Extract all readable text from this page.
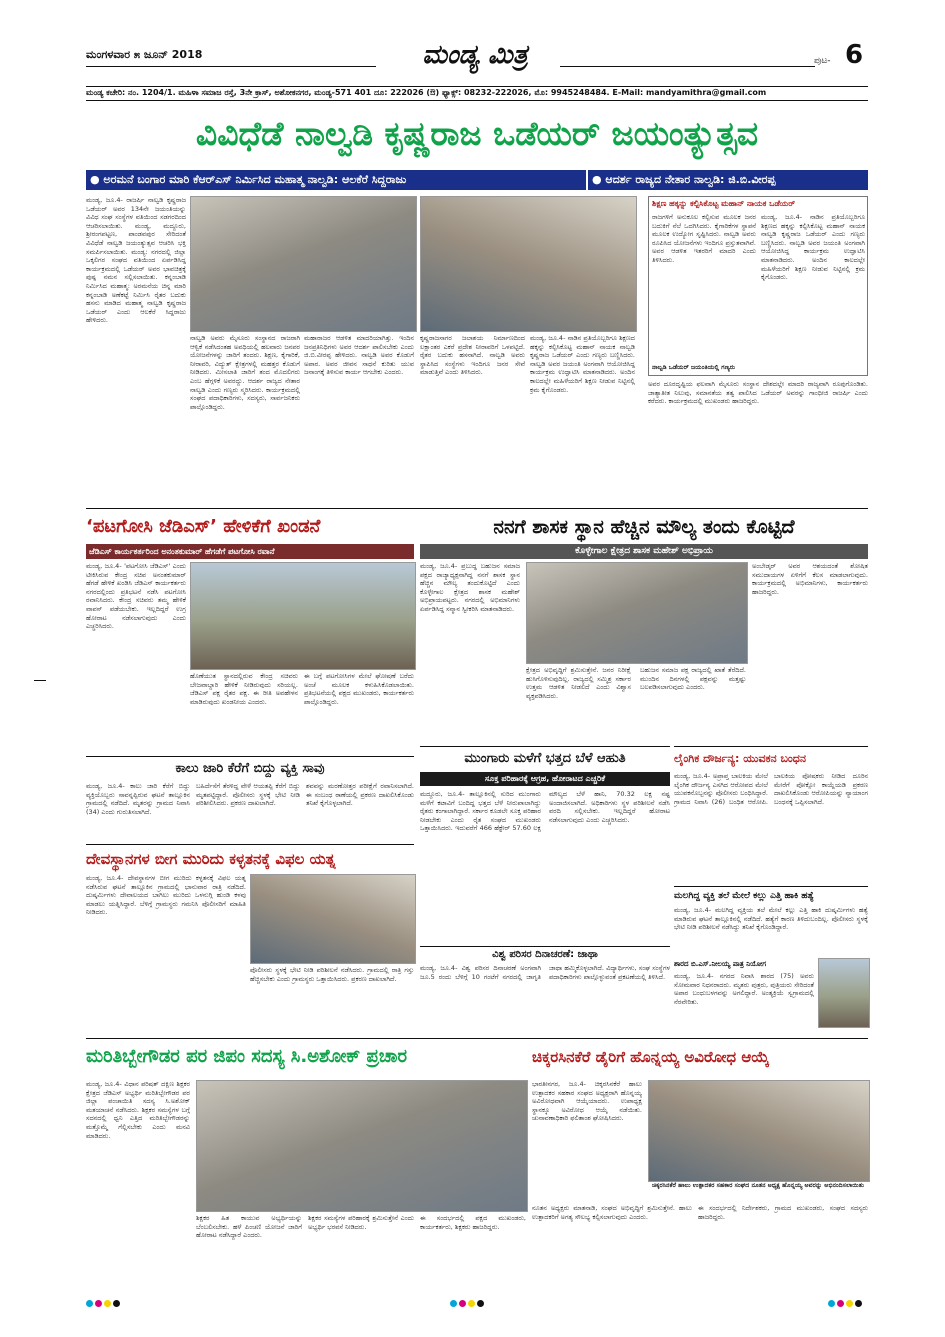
ಮಂಗಳವಾರ ೫ ಜೂನ್ 2018	ಮಂಡ್ಯ ಮಿತ್ರ	ಪುಟ- 6
ಮಂಡ್ಯ ಕಚೇರಿ: ನಂ. 1204/1. ಮಹಿಳಾ ಸಮಾಜ ರಸ್ತೆ, 3ನೇ ಕ್ರಾಸ್, ಅಶೋಕನಗರ, ಮಂಡ್ಯ-571 401 ದೂ: 222026 (ಔ) ಫ್ಯಾಕ್ಸ್: 08232-222026, ಮೊ: 9945248484. E-Mail: mandyamithra@gmail.com
ವಿವಿಧೆಡೆ ನಾಲ್ವಡಿ ಕೃಷ್ಣರಾಜ ಒಡೆಯರ್ ಜಯಂತ್ಯುತ್ಸವ
● ಅರಮನೆ ಬಂಗಾರ ಮಾರಿ ಕೆಆರ್‌ಎಸ್ ನಿರ್ಮಿಸಿದ ಮಹಾತ್ಮ ನಾಲ್ವಡಿ: ಆಲಕೆರೆ ಸಿದ್ದರಾಜು	● ಆದರ್ಶ ರಾಜ್ಯದ ನೇತಾರ ನಾಲ್ವಡಿ: ಜಿ.ಬಿ.ವೀರಪ್ಪ
ಮಂಡ್ಯ, ಜೂ.4- ರಾಜರ್ಷಿ ನಾಲ್ವಡಿ ಕೃಷ್ಣರಾಜ ಒಡೆಯರ್ ಅವರ 134ನೇ ಜಯಂತಿಯನ್ನು ವಿವಿಧ ಸಂಘ ಸಂಸ್ಥೆಗಳ ವತಿಯಿಂದ ಸಡಗರದಿಂದ ಆಚರಿಸಲಾಯಿತು. ಮಂಡ್ಯ, ಮದ್ದೂರು, ಶ್ರೀರಂಗಪಟ್ಟಣ, ಪಾಂಡವಪುರ ಸೇರಿದಂತೆ ವಿವಿಧೆಡೆ ನಾಲ್ವಡಿ ಜಯಂತ್ಯುತ್ಸವ ಆಚರಿಸಿ ಭಕ್ತಿ ಸಮರ್ಪಿಸಲಾಯಿತು. ಮಂಡ್ಯ: ನಗರದಲ್ಲಿ ಜಿಲ್ಲಾ ಒಕ್ಕಲಿಗರ ಸಂಘದ ವತಿಯಿಂದ ಏರ್ಪಡಿಸಿದ್ದ ಕಾರ್ಯಕ್ರಮದಲ್ಲಿ ಒಡೆಯರ್ ಅವರ ಭಾವಚಿತ್ರಕ್ಕೆ ಪುಷ್ಪ ನಮನ ಸಲ್ಲಿಸಲಾಯಿತು. ಕನ್ನಂಬಾಡಿ ನಿರ್ಮಿಸಿದ ಮಹಾತ್ಮ: ಅರಮನೆಯ ಚಿನ್ನ ಮಾರಿ ಕನ್ನಂಬಾಡಿ ಅಣೆಕಟ್ಟೆ ನಿರ್ಮಿಸಿ ರೈತರ ಬದುಕು ಹಸನು ಮಾಡಿದ ಮಹಾತ್ಮ ನಾಲ್ವಡಿ ಕೃಷ್ಣರಾಜ ಒಡೆಯರ್ ಎಂದು ಆಲಕೆರೆ ಸಿದ್ದರಾಜು ಹೇಳಿದರು.
ನಾಲ್ವಡಿ ಅವರು ಮೈಸೂರು ಸಂಸ್ಥಾನದ ರಾಜರಾಗಿ ಆಳ್ವಿಕೆ ನಡೆಸಿದಂತಹ ಅವಧಿಯಲ್ಲಿ ಹಲವಾರು ಜನಪರ ಯೋಜನೆಗಳನ್ನು ಜಾರಿಗೆ ತಂದರು. ಶಿಕ್ಷಣ, ಕೈಗಾರಿಕೆ, ನೀರಾವರಿ, ವಿದ್ಯುತ್ ಕ್ಷೇತ್ರಗಳಲ್ಲಿ ಮಹತ್ತರ ಕೊಡುಗೆ ನೀಡಿದರು. ಮೀಸಲಾತಿ ಜಾರಿಗೆ ತಂದ ಮೊದಲಿಗರು ಎಂಬ ಹೆಗ್ಗಳಿಕೆ ಅವರದ್ದು. ಆದರ್ಶ ರಾಜ್ಯದ ನೇತಾರ ನಾಲ್ವಡಿ ಎಂದು ಗಣ್ಯರು ಸ್ಮರಿಸಿದರು. ಕಾರ್ಯಕ್ರಮದಲ್ಲಿ ಸಂಘದ ಪದಾಧಿಕಾರಿಗಳು, ಸದಸ್ಯರು, ಸಾರ್ವಜನಿಕರು ಪಾಲ್ಗೊಂಡಿದ್ದರು.
ಮಹಾರಾಜರ ಆಡಳಿತ ಮಾದರಿಯಾಗಿತ್ತು. ಇಂದಿನ ಜನಪ್ರತಿನಿಧಿಗಳು ಅವರ ಆದರ್ಶ ಪಾಲಿಸಬೇಕು ಎಂದು ಜಿ.ಬಿ.ವೀರಪ್ಪ ಹೇಳಿದರು. ನಾಲ್ವಡಿ ಅವರ ಕೊಡುಗೆ ಅಪಾರ. ಅವರ ಜೀವನ ಸಾಧನೆ ಕುರಿತು ಯುವ ಜನಾಂಗಕ್ಕೆ ತಿಳಿಸುವ ಕಾರ್ಯ ಆಗಬೇಕು ಎಂದರು.
ಕೃಷ್ಣರಾಜಸಾಗರ ಜಲಾಶಯ ನಿರ್ಮಾಣದಿಂದ ಲಕ್ಷಾಂತರ ಎಕರೆ ಪ್ರದೇಶ ನೀರಾವರಿಗೆ ಒಳಪಟ್ಟಿದೆ. ರೈತರ ಬದುಕು ಹಸನಾಗಿದೆ. ನಾಲ್ವಡಿ ಅವರು ಸ್ಥಾಪಿಸಿದ ಸಂಸ್ಥೆಗಳು ಇಂದಿಗೂ ಜನರ ಸೇವೆ ಮಾಡುತ್ತಿವೆ ಎಂದು ತಿಳಿಸಿದರು.
ಮಂಡ್ಯ, ಜೂ.4- ನಾಡಿನ ಪ್ರತಿಯೊಬ್ಬರಿಗೂ ಶಿಕ್ಷಣದ ಹಕ್ಕನ್ನು ಕಲ್ಪಿಸಿಕೊಟ್ಟ ಮಹಾನ್ ನಾಯಕ ನಾಲ್ವಡಿ ಕೃಷ್ಣರಾಜ ಒಡೆಯರ್ ಎಂದು ಗಣ್ಯರು ಬಣ್ಣಿಸಿದರು. ನಾಲ್ವಡಿ ಅವರ ಜಯಂತಿ ಅಂಗವಾಗಿ ಆಯೋಜಿಸಿದ್ದ ಕಾರ್ಯಕ್ರಮ ಉದ್ಘಾಟಿಸಿ ಮಾತನಾಡಿದರು. ಅಂದಿನ ಕಾಲದಲ್ಲೇ ಮಹಿಳೆಯರಿಗೆ ಶಿಕ್ಷಣ ನೀಡುವ ನಿಟ್ಟಿನಲ್ಲಿ ಕ್ರಮ ಕೈಗೊಂಡರು.
ಶಿಕ್ಷಣ ಹಕ್ಕನ್ನು ಕಲ್ಪಿಸಿಕೊಟ್ಟ ಮಹಾನ್ ನಾಯಕ ಒಡೆಯರ್
ರಾಜಗಳಿಗೆ ಅನುಕೂಲ ಕಲ್ಪಿಸುವ ಮೂಲಕ ಜನರ ಬದುಕಿಗೆ ನೆಲೆ ಒದಗಿಸಿದರು. ಕೈಗಾರಿಕೆಗಳ ಸ್ಥಾಪನೆ ಮೂಲಕ ಉದ್ಯೋಗ ಸೃಷ್ಟಿಸಿದರು. ನಾಲ್ವಡಿ ಅವರು ರೂಪಿಸಿದ ಯೋಜನೆಗಳು ಇಂದಿಗೂ ಪ್ರಸ್ತುತವಾಗಿವೆ. ಅವರ ಆಡಳಿತ ಇತರರಿಗೆ ಮಾದರಿ ಎಂದು ತಿಳಿಸಿದರು.
ಮಂಡ್ಯ, ಜೂ.4- ನಾಡಿನ ಪ್ರತಿಯೊಬ್ಬರಿಗೂ ಶಿಕ್ಷಣದ ಹಕ್ಕನ್ನು ಕಲ್ಪಿಸಿಕೊಟ್ಟ ಮಹಾನ್ ನಾಯಕ ನಾಲ್ವಡಿ ಕೃಷ್ಣರಾಜ ಒಡೆಯರ್ ಎಂದು ಗಣ್ಯರು ಬಣ್ಣಿಸಿದರು. ನಾಲ್ವಡಿ ಅವರ ಜಯಂತಿ ಅಂಗವಾಗಿ ಆಯೋಜಿಸಿದ್ದ ಕಾರ್ಯಕ್ರಮ ಉದ್ಘಾಟಿಸಿ ಮಾತನಾಡಿದರು. ಅಂದಿನ ಕಾಲದಲ್ಲೇ ಮಹಿಳೆಯರಿಗೆ ಶಿಕ್ಷಣ ನೀಡುವ ನಿಟ್ಟಿನಲ್ಲಿ ಕ್ರಮ ಕೈಗೊಂಡರು.
ನಾಲ್ವಡಿ ಒಡೆಯರ್ ಜಯಂತಿಯಲ್ಲಿ ಗಣ್ಯರು
ಅವರ ದೂರದೃಷ್ಟಿಯ ಫಲವಾಗಿ ಮೈಸೂರು ಸಂಸ್ಥಾನ ದೇಶದಲ್ಲೇ ಮಾದರಿ ರಾಜ್ಯವಾಗಿ ರೂಪುಗೊಂಡಿತು. ಜಾತ್ಯಾತೀತ ನಿಲುವು, ಸಮಾನತೆಯ ತತ್ವ ಪಾಲಿಸಿದ ಒಡೆಯರ್ ಅವರನ್ನು ಗಾಂಧೀಜಿ ರಾಜರ್ಷಿ ಎಂದು ಕರೆದರು. ಕಾರ್ಯಕ್ರಮದಲ್ಲಿ ಮುಖಂಡರು ಹಾಜರಿದ್ದರು.
‘ಪಟಗೋಸಿ ಜೆಡಿಎಸ್’ ಹೇಳಿಕೆಗೆ ಖಂಡನೆ
ಜೆಡಿಎಸ್ ಕಾರ್ಯಕರ್ತರಿಂದ ಅನಂತಕುಮಾರ್ ಹೆಗಡೆಗೆ ಪಟಗೋಸಿ ರವಾನೆ
ಮಂಡ್ಯ, ಜೂ.4- 'ಪಟಗೋಸಿ ಜೆಡಿಎಸ್' ಎಂದು ಟೀಕಿಸಿರುವ ಕೇಂದ್ರ ಸಚಿವ ಅನಂತಕುಮಾರ್ ಹೆಗಡೆ ಹೇಳಿಕೆ ಖಂಡಿಸಿ ಜೆಡಿಎಸ್ ಕಾರ್ಯಕರ್ತರು ನಗರದಲ್ಲಿಂದು ಪ್ರತಿಭಟನೆ ನಡೆಸಿ ಪಟಗೋಸಿ ರವಾನಿಸಿದರು. ಕೇಂದ್ರ ಸಚಿವರು ತಮ್ಮ ಹೇಳಿಕೆ ವಾಪಸ್ ಪಡೆಯಬೇಕು. ಇಲ್ಲದಿದ್ದರೆ ಉಗ್ರ ಹೋರಾಟ ನಡೆಸಲಾಗುವುದು ಎಂದು ಎಚ್ಚರಿಸಿದರು.
ಹೊಣೆಯುತ ಸ್ಥಾನದಲ್ಲಿರುವ ಕೇಂದ್ರ ಸಚಿವರು ಬೇಜವಾಬ್ದಾರಿ ಹೇಳಿಕೆ ನೀಡಿರುವುದು ಸರಿಯಲ್ಲ. ಜೆಡಿಎಸ್ ಪಕ್ಷ ರೈತರ ಪಕ್ಷ. ಈ ರೀತಿ ಅವಹೇಳನ ಮಾಡಿರುವುದು ಖಂಡನೀಯ ಎಂದರು.
ಈ ಬಗ್ಗೆ ಪಟಗೋಸಿಗಳ ಮೇಲೆ ಘೋಷಣೆ ಬರೆದು ಅಂಚೆ ಮೂಲಕ ಕಳುಹಿಸಿಕೊಡಲಾಯಿತು. ಪ್ರತಿಭಟನೆಯಲ್ಲಿ ಪಕ್ಷದ ಮುಖಂಡರು, ಕಾರ್ಯಕರ್ತರು ಪಾಲ್ಗೊಂಡಿದ್ದರು.
ನನಗೆ ಶಾಸಕ ಸ್ಥಾನ ಹೆಚ್ಚಿನ ಮೌಲ್ಯ ತಂದು ಕೊಟ್ಟಿದೆ
ಕೊಳ್ಳೇಗಾಲ ಕ್ಷೇತ್ರದ ಶಾಸಕ ಮಹೇಶ್ ಅಭಿಪ್ರಾಯ
ಮಂಡ್ಯ, ಜೂ.4- ಪ್ರಬುದ್ಧ ಬಹುಜನ ಸಮಾಜ ಪಕ್ಷದ ರಾಜ್ಯಾಧ್ಯಕ್ಷನಾಗಿದ್ದ ನನಗೆ ಶಾಸಕ ಸ್ಥಾನ ಹೆಚ್ಚಿನ ಮೌಲ್ಯ ತಂದುಕೊಟ್ಟಿದೆ ಎಂದು ಕೊಳ್ಳೇಗಾಲ ಕ್ಷೇತ್ರದ ಶಾಸಕ ಮಹೇಶ್ ಅಭಿಪ್ರಾಯಪಟ್ಟರು. ನಗರದಲ್ಲಿ ಅಭಿಮಾನಿಗಳು ಏರ್ಪಡಿಸಿದ್ದ ಸನ್ಮಾನ ಸ್ವೀಕರಿಸಿ ಮಾತನಾಡಿದರು.
ಕ್ಷೇತ್ರದ ಅಭಿವೃದ್ಧಿಗೆ ಶ್ರಮಿಸುತ್ತೇನೆ. ಜನರ ನಿರೀಕ್ಷೆ ಹುಸಿಗೊಳಿಸುವುದಿಲ್ಲ. ರಾಜ್ಯದಲ್ಲಿ ಸಮ್ಮಿಶ್ರ ಸರ್ಕಾರ ಉತ್ತಮ ಆಡಳಿತ ನೀಡಲಿದೆ ಎಂದು ವಿಶ್ವಾಸ ವ್ಯಕ್ತಪಡಿಸಿದರು.
ಬಹುಜನ ಸಮಾಜ ಪಕ್ಷ ರಾಜ್ಯದಲ್ಲಿ ಖಾತೆ ತೆರೆದಿದೆ. ಮುಂದಿನ ದಿನಗಳಲ್ಲಿ ಪಕ್ಷವನ್ನು ಮತ್ತಷ್ಟು ಬಲಪಡಿಸಲಾಗುವುದು ಎಂದರು.
ಅಂಬೇಡ್ಕರ್ ಅವರ ಆಶಯದಂತೆ ಶೋಷಿತ ಸಮುದಾಯಗಳ ಏಳಿಗೆಗೆ ಕೆಲಸ ಮಾಡಲಾಗುವುದು. ಕಾರ್ಯಕ್ರಮದಲ್ಲಿ ಅಭಿಮಾನಿಗಳು, ಕಾರ್ಯಕರ್ತರು ಹಾಜರಿದ್ದರು.
ಕಾಲು ಜಾರಿ ಕೆರೆಗೆ ಬಿದ್ದು ವ್ಯಕ್ತಿ ಸಾವು
ಮಂಡ್ಯ, ಜೂ.4- ಕಾಲು ಜಾರಿ ಕೆರೆಗೆ ಬಿದ್ದು ವ್ಯಕ್ತಿಯೊಬ್ಬರು ಸಾವನ್ನಪ್ಪಿರುವ ಘಟನೆ ತಾಲ್ಲೂಕಿನ ಗ್ರಾಮದಲ್ಲಿ ನಡೆದಿದೆ. ಮೃತರನ್ನು ಗ್ರಾಮದ ನಿವಾಸಿ (34) ಎಂದು ಗುರುತಿಸಲಾಗಿದೆ.
ಬಹಿರ್ದೆಸೆಗೆ ತೆರಳಿದ್ದ ವೇಳೆ ಆಯತಪ್ಪಿ ಕೆರೆಗೆ ಬಿದ್ದು ಮೃತಪಟ್ಟಿದ್ದಾರೆ. ಪೊಲೀಸರು ಸ್ಥಳಕ್ಕೆ ಭೇಟಿ ನೀಡಿ ಪರಿಶೀಲಿಸಿದರು. ಪ್ರಕರಣ ದಾಖಲಾಗಿದೆ.
ಶವವನ್ನು ಮರಣೋತ್ತರ ಪರೀಕ್ಷೆಗೆ ರವಾನಿಸಲಾಗಿದೆ. ಈ ಸಂಬಂಧ ಠಾಣೆಯಲ್ಲಿ ಪ್ರಕರಣ ದಾಖಲಿಸಿಕೊಂಡು ತನಿಖೆ ಕೈಗೊಳ್ಳಲಾಗಿದೆ.
ದೇವಸ್ಥಾನಗಳ ಬೀಗ ಮುರಿದು ಕಳ್ಳತನಕ್ಕೆ ವಿಫಲ ಯತ್ನ
ಮಂಡ್ಯ, ಜೂ.4- ದೇವಸ್ಥಾನಗಳ ಬೀಗ ಮುರಿದು ಕಳ್ಳತನಕ್ಕೆ ವಿಫಲ ಯತ್ನ ನಡೆಸಿರುವ ಘಟನೆ ತಾಲ್ಲೂಕಿನ ಗ್ರಾಮದಲ್ಲಿ ಭಾನುವಾರ ರಾತ್ರಿ ನಡೆದಿದೆ. ದುಷ್ಕರ್ಮಿಗಳು ದೇವಾಲಯದ ಬಾಗಿಲು ಮುರಿದು ಒಳನುಗ್ಗಿ ಹುಂಡಿ ಕಳವು ಮಾಡಲು ಯತ್ನಿಸಿದ್ದಾರೆ. ಬೆಳಿಗ್ಗೆ ಗ್ರಾಮಸ್ಥರು ಗಮನಿಸಿ ಪೊಲೀಸರಿಗೆ ಮಾಹಿತಿ ನೀಡಿದರು.
ಪೊಲೀಸರು ಸ್ಥಳಕ್ಕೆ ಭೇಟಿ ನೀಡಿ ಪರಿಶೀಲನೆ ನಡೆಸಿದರು. ಗ್ರಾಮದಲ್ಲಿ ರಾತ್ರಿ ಗಸ್ತು ಹೆಚ್ಚಿಸಬೇಕು ಎಂದು ಗ್ರಾಮಸ್ಥರು ಒತ್ತಾಯಿಸಿದರು. ಪ್ರಕರಣ ದಾಖಲಾಗಿದೆ.
ಮುಂಗಾರು ಮಳೆಗೆ ಭತ್ತದ ಬೆಳೆ ಆಹುತಿ
ಸೂಕ್ತ ಪರಿಹಾರಕ್ಕೆ ಆಗ್ರಹ, ಹೋರಾಟದ ಎಚ್ಚರಿಕೆ
ಮದ್ದೂರು, ಜೂ.4- ತಾಲ್ಲೂಕಿನಲ್ಲಿ ಸುರಿದ ಮುಂಗಾರು ಮಳೆಗೆ ಕಟಾವಿಗೆ ಬಂದಿದ್ದ ಭತ್ತದ ಬೆಳೆ ನೀರುಪಾಲಾಗಿದ್ದು ರೈತರು ಕಂಗಾಲಾಗಿದ್ದಾರೆ. ಸರ್ಕಾರ ಕೂಡಲೇ ಸೂಕ್ತ ಪರಿಹಾರ ನೀಡಬೇಕು ಎಂದು ರೈತ ಸಂಘದ ಮುಖಂಡರು ಒತ್ತಾಯಿಸಿದರು. ಇದುವರೆಗೆ 466 ಹೆಕ್ಟೇರ್ 57.60 ಲಕ್ಷ ಮೌಲ್ಯದ ಬೆಳೆ ಹಾನಿ, 70.32 ಲಕ್ಷ ನಷ್ಟ ಅಂದಾಜಿಸಲಾಗಿದೆ. ಅಧಿಕಾರಿಗಳು ಸ್ಥಳ ಪರಿಶೀಲನೆ ನಡೆಸಿ ವರದಿ ಸಲ್ಲಿಸಬೇಕು. ಇಲ್ಲದಿದ್ದರೆ ಹೋರಾಟ ನಡೆಸಲಾಗುವುದು ಎಂದು ಎಚ್ಚರಿಸಿದರು.
ವಿಶ್ವ ಪರಿಸರ ದಿನಾಚರಣೆ: ಜಾಥಾ
ಮಂಡ್ಯ, ಜೂ.4- ವಿಶ್ವ ಪರಿಸರ ದಿನಾಚರಣೆ ಅಂಗವಾಗಿ ಜೂ.5 ರಂದು ಬೆಳಿಗ್ಗೆ 10 ಗಂಟೆಗೆ ನಗರದಲ್ಲಿ ಜಾಗೃತಿ ಜಾಥಾ ಹಮ್ಮಿಕೊಳ್ಳಲಾಗಿದೆ. ವಿದ್ಯಾರ್ಥಿಗಳು, ಸಂಘ ಸಂಸ್ಥೆಗಳ ಪದಾಧಿಕಾರಿಗಳು ಪಾಲ್ಗೊಳ್ಳುವಂತೆ ಪ್ರಕಟಣೆಯಲ್ಲಿ ತಿಳಿಸಿದೆ.
ಲೈಂಗಿಕ ದೌರ್ಜನ್ಯ: ಯುವಕನ ಬಂಧನ
ಮಂಡ್ಯ, ಜೂ.4- ಅಪ್ರಾಪ್ತ ಬಾಲಕಿಯ ಮೇಲೆ ಲೈಂಗಿಕ ದೌರ್ಜನ್ಯ ಎಸಗಿದ ಆರೋಪದ ಮೇಲೆ ಯುವಕನೊಬ್ಬನನ್ನು ಪೊಲೀಸರು ಬಂಧಿಸಿದ್ದಾರೆ. ಗ್ರಾಮದ ನಿವಾಸಿ (26) ಬಂಧಿತ ಆರೋಪಿ. ಬಾಲಕಿಯ ಪೋಷಕರು ನೀಡಿದ ದೂರಿನ ಮೇರೆಗೆ ಪೋಕ್ಸೋ ಕಾಯ್ದೆಯಡಿ ಪ್ರಕರಣ ದಾಖಲಿಸಿಕೊಂಡು ಆರೋಪಿಯನ್ನು ನ್ಯಾಯಾಂಗ ಬಂಧನಕ್ಕೆ ಒಪ್ಪಿಸಲಾಗಿದೆ.
ಮಲಗಿದ್ದ ವ್ಯಕ್ತಿ ತಲೆ ಮೇಲೆ ಕಲ್ಲು ಎತ್ತಿ ಹಾಕಿ ಹತ್ಯೆ
ಮಂಡ್ಯ, ಜೂ.4- ಮಲಗಿದ್ದ ವ್ಯಕ್ತಿಯ ತಲೆ ಮೇಲೆ ಕಲ್ಲು ಎತ್ತಿ ಹಾಕಿ ದುಷ್ಕರ್ಮಿಗಳು ಹತ್ಯೆ ಮಾಡಿರುವ ಘಟನೆ ತಾಲ್ಲೂಕಿನಲ್ಲಿ ನಡೆದಿದೆ. ಹತ್ಯೆಗೆ ಕಾರಣ ತಿಳಿದುಬಂದಿಲ್ಲ. ಪೊಲೀಸರು ಸ್ಥಳಕ್ಕೆ ಭೇಟಿ ನೀಡಿ ಪರಿಶೀಲನೆ ನಡೆಸಿದ್ದು ತನಿಖೆ ಕೈಗೊಂಡಿದ್ದಾರೆ.
ಶಾರದ ಬಿ.ಎಸ್.ನೀಲಯ್ಯ ಪಾತ್ರ ನಿಯೋಗ
ಮಂಡ್ಯ, ಜೂ.4- ನಗರದ ನಿವಾಸಿ ಶಾರದ (75) ಅವರು ಸೋಮವಾರ ನಿಧನರಾದರು. ಮೃತರು ಪುತ್ರರು, ಪುತ್ರಿಯರು ಸೇರಿದಂತೆ ಅಪಾರ ಬಂಧುಬಳಗವನ್ನು ಅಗಲಿದ್ದಾರೆ. ಅಂತ್ಯಕ್ರಿಯೆ ಸ್ವಗ್ರಾಮದಲ್ಲಿ ನೆರವೇರಿತು.
ಮರಿತಿಬ್ಬೇಗೌಡರ ಪರ ಜಿಪಂ ಸದಸ್ಯ ಸಿ.ಅಶೋಕ್ ಪ್ರಚಾರ
ಮಂಡ್ಯ, ಜೂ.4- ವಿಧಾನ ಪರಿಷತ್ ದಕ್ಷಿಣ ಶಿಕ್ಷಕರ ಕ್ಷೇತ್ರದ ಜೆಡಿಎಸ್ ಅಭ್ಯರ್ಥಿ ಮರಿತಿಬ್ಬೇಗೌಡರ ಪರ ಜಿಲ್ಲಾ ಪಂಚಾಯಿತಿ ಸದಸ್ಯ ಸಿ.ಅಶೋಕ್ ಮತಯಾಚನೆ ನಡೆಸಿದರು. ಶಿಕ್ಷಕರ ಸಮಸ್ಯೆಗಳ ಬಗ್ಗೆ ಸದನದಲ್ಲಿ ಧ್ವನಿ ಎತ್ತಿದ ಮರಿತಿಬ್ಬೇಗೌಡರನ್ನು ಮತ್ತೊಮ್ಮೆ ಗೆಲ್ಲಿಸಬೇಕು ಎಂದು ಮನವಿ ಮಾಡಿದರು.
ಶಿಕ್ಷಕರ ಹಿತ ಕಾಯುವ ಅಭ್ಯರ್ಥಿಯನ್ನು ಬೆಂಬಲಿಸಬೇಕು. ಹಳೆ ಪಿಂಚಣಿ ಯೋಜನೆ ಜಾರಿಗೆ ಹೋರಾಟ ನಡೆಸಿದ್ದಾರೆ ಎಂದರು.
ಶಿಕ್ಷಕರ ಸಮಸ್ಯೆಗಳ ಪರಿಹಾರಕ್ಕೆ ಶ್ರಮಿಸುತ್ತೇನೆ ಎಂದು ಅಭ್ಯರ್ಥಿ ಭರವಸೆ ನೀಡಿದರು.
ಈ ಸಂದರ್ಭದಲ್ಲಿ ಪಕ್ಷದ ಮುಖಂಡರು, ಕಾರ್ಯಕರ್ತರು, ಶಿಕ್ಷಕರು ಹಾಜರಿದ್ದರು.
ಚಿಕ್ಕರಸಿನಕೆರೆ ಡೈರಿಗೆ ಹೊನ್ನಯ್ಯ ಅವಿರೋಧ ಆಯ್ಕೆ
ಭಾರತೀನಗರ, ಜೂ.4- ಚಿಕ್ಕರಸಿನಕೆರೆ ಹಾಲು ಉತ್ಪಾದಕರ ಸಹಕಾರ ಸಂಘದ ಅಧ್ಯಕ್ಷರಾಗಿ ಹೊನ್ನಯ್ಯ ಅವಿರೋಧವಾಗಿ ಆಯ್ಕೆಯಾದರು. ಉಪಾಧ್ಯಕ್ಷ ಸ್ಥಾನಕ್ಕೂ ಅವಿರೋಧ ಆಯ್ಕೆ ನಡೆಯಿತು. ಚುನಾವಣಾಧಿಕಾರಿ ಫಲಿತಾಂಶ ಘೋಷಿಸಿದರು.
ಚಿಕ್ಕರಸಿನಕೆರೆ ಹಾಲು ಉತ್ಪಾದಕರ ಸಹಕಾರ ಸಂಘದ ನೂತನ ಅಧ್ಯಕ್ಷ ಹೊನ್ನಯ್ಯ ಅವರನ್ನು ಅಭಿನಂದಿಸಲಾಯಿತು
ನೂತನ ಅಧ್ಯಕ್ಷರು ಮಾತನಾಡಿ, ಸಂಘದ ಅಭಿವೃದ್ಧಿಗೆ ಶ್ರಮಿಸುತ್ತೇನೆ. ಹಾಲು ಉತ್ಪಾದಕರಿಗೆ ಅಗತ್ಯ ಸೌಲಭ್ಯ ಕಲ್ಪಿಸಲಾಗುವುದು ಎಂದರು.
ಈ ಸಂದರ್ಭದಲ್ಲಿ ನಿರ್ದೇಶಕರು, ಗ್ರಾಮದ ಮುಖಂಡರು, ಸಂಘದ ಸದಸ್ಯರು ಹಾಜರಿದ್ದರು.
